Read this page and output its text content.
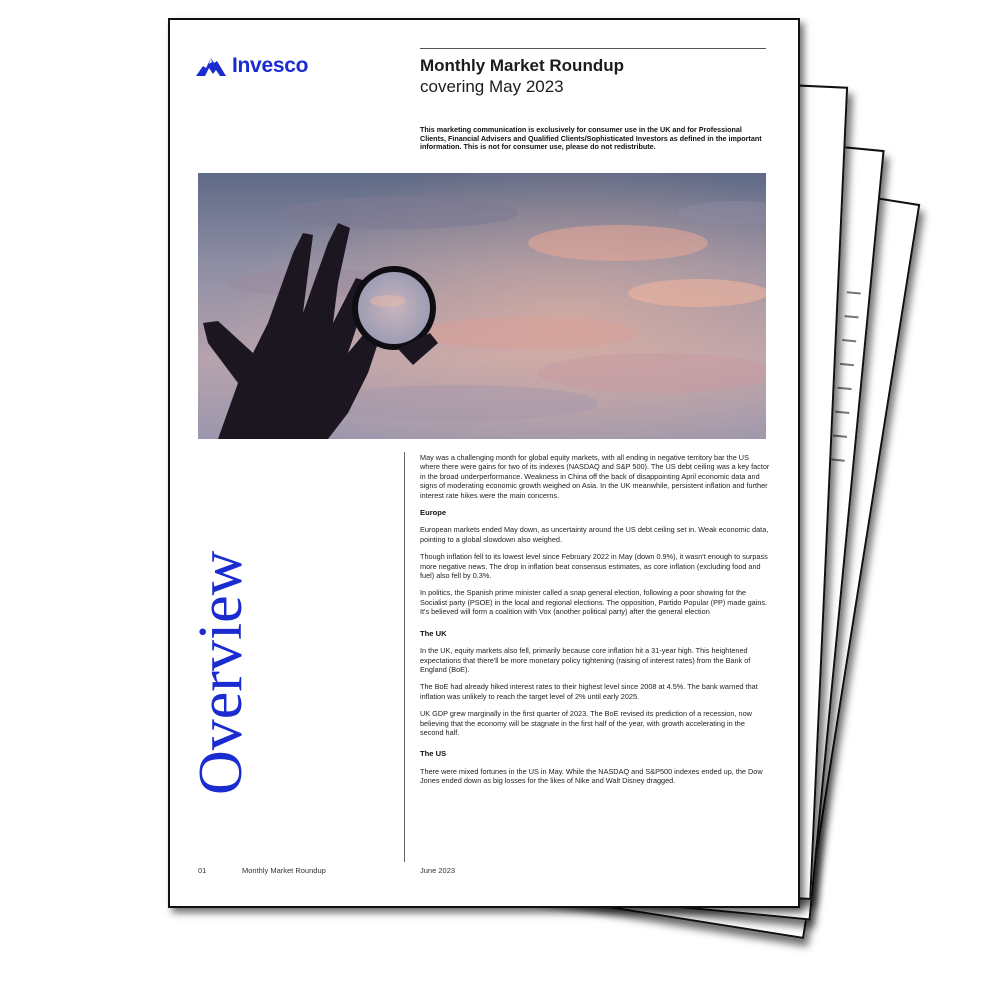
Invesco	Monthly Market Roundup
covering May 2023
This marketing communication is exclusively for consumer use in the UK and for Professional Clients, Financial Advisers and Qualified Clients/Sophisticated Investors as defined in the important information. This is not for consumer use, please do not redistribute.
Overview

May was a challenging month for global equity markets, with all ending in negative territory bar the US where there were gains for two of its indexes (NASDAQ and S&P 500). The US debt ceiling was a key factor in the broad underperformance. Weakness in China off the back of disappointing April economic data and signs of moderating economic growth weighed on Asia. In the UK meanwhile, persistent inflation and further interest rate hikes were the main concerns.

Europe

European markets ended May down, as uncertainty around the US debt ceiling set in. Weak economic data, pointing to a global slowdown also weighed.

Though inflation fell to its lowest level since February 2022 in May (down 0.9%), it wasn't enough to surpass more negative news. The drop in inflation beat consensus estimates, as core inflation (excluding food and fuel) also fell by 0.3%.

In politics, the Spanish prime minister called a snap general election, following a poor showing for the Socialist party (PSOE) in the local and regional elections. The opposition, Partido Popular (PP) made gains. It's believed will form a coalition with Vox (another political party) after the general election

The UK

In the UK, equity markets also fell, primarily because core inflation hit a 31-year high. This heightened expectations that there'll be more monetary policy tightening (raising of interest rates) from the Bank of England (BoE).

The BoE had already hiked interest rates to their highest level since 2008 at 4.5%. The bank warned that inflation was unlikely to reach the target level of 2% until early 2025.

UK GDP grew marginally in the first quarter of 2023. The BoE revised its prediction of a recession, now believing that the economy will be stagnate in the first half of the year, with growth accelerating in the second half.

The US

There were mixed fortunes in the US in May. While the NASDAQ and S&P500 indexes ended up, the Dow Jones ended down as big losses for the likes of Nike and Walt Disney dragged.

01	Monthly Market Roundup	June 2023
